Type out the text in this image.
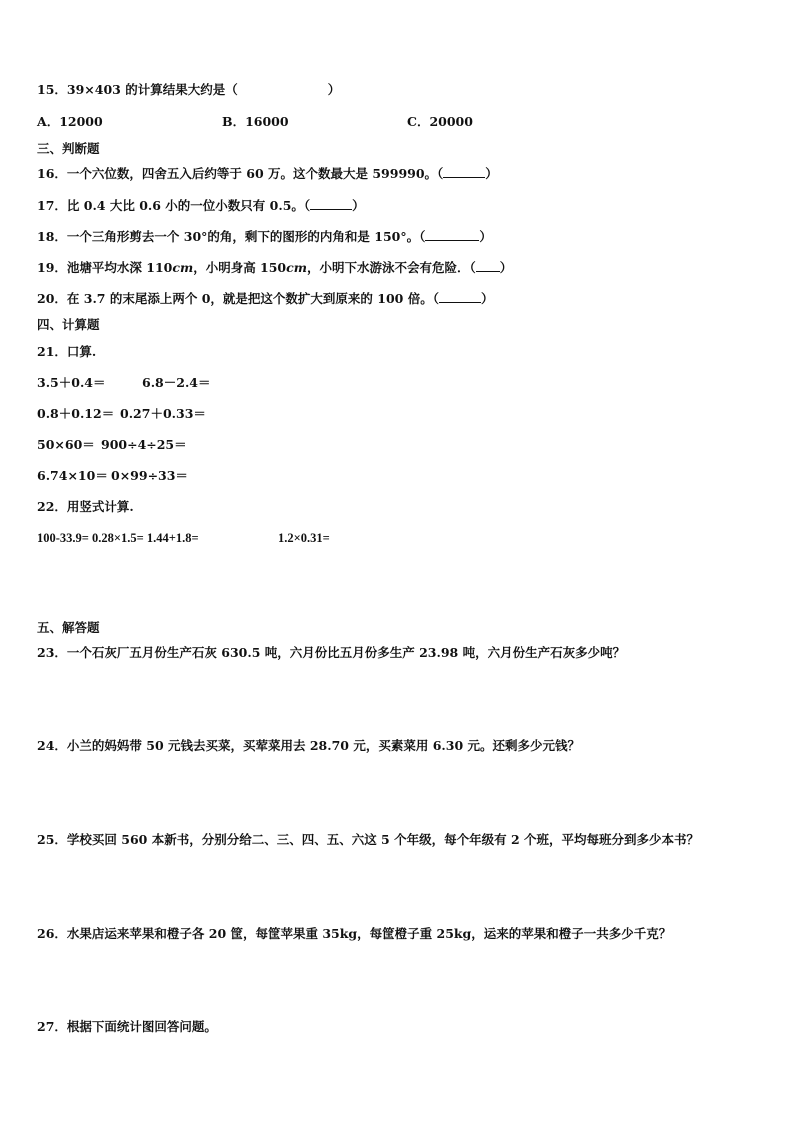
15．39×403 的计算结果大约是（	）
A．12000	B．16000	C．20000
三、判断题
16．一个六位数，四舍五入后约等于 60 万。这个数最大是 599990。（	）
17．比 0.4 大比 0.6 小的一位小数只有 0.5。（	）
18．一个三角形剪去一个 30°的角，剩下的图形的内角和是 150°。（	）
19．池塘平均水深 110cm，小明身高 150cm，小明下水游泳不会有危险．（ ）
20．在 3.7 的末尾添上两个 0，就是把这个数扩大到原来的 100 倍。（	）
四、计算题
21．口算.
3.5＋0.4＝	6.8－2.4＝
0.8＋0.12＝ 0.27＋0.33＝
50×60＝ 900÷4÷25＝
6.74×10＝ 0×99÷33＝
22．用竖式计算.
100-33.9= 0.28×1.5= 1.44+1.8=	1.2×0.31=
五、解答题
23．一个石灰厂五月份生产石灰 630.5 吨，六月份比五月份多生产 23.98 吨，六月份生产石灰多少吨？
24．小兰的妈妈带 50 元钱去买菜，买荤菜用去 28.70 元，买素菜用 6.30 元。还剩多少元钱？
25．学校买回 560 本新书，分别分给二、三、四、五、六这 5 个年级，每个年级有 2 个班，平均每班分到多少本书？
26．水果店运来苹果和橙子各 20 筐，每筐苹果重 35kg，每筐橙子重 25kg，运来的苹果和橙子一共多少千克？
27．根据下面统计图回答问题。
